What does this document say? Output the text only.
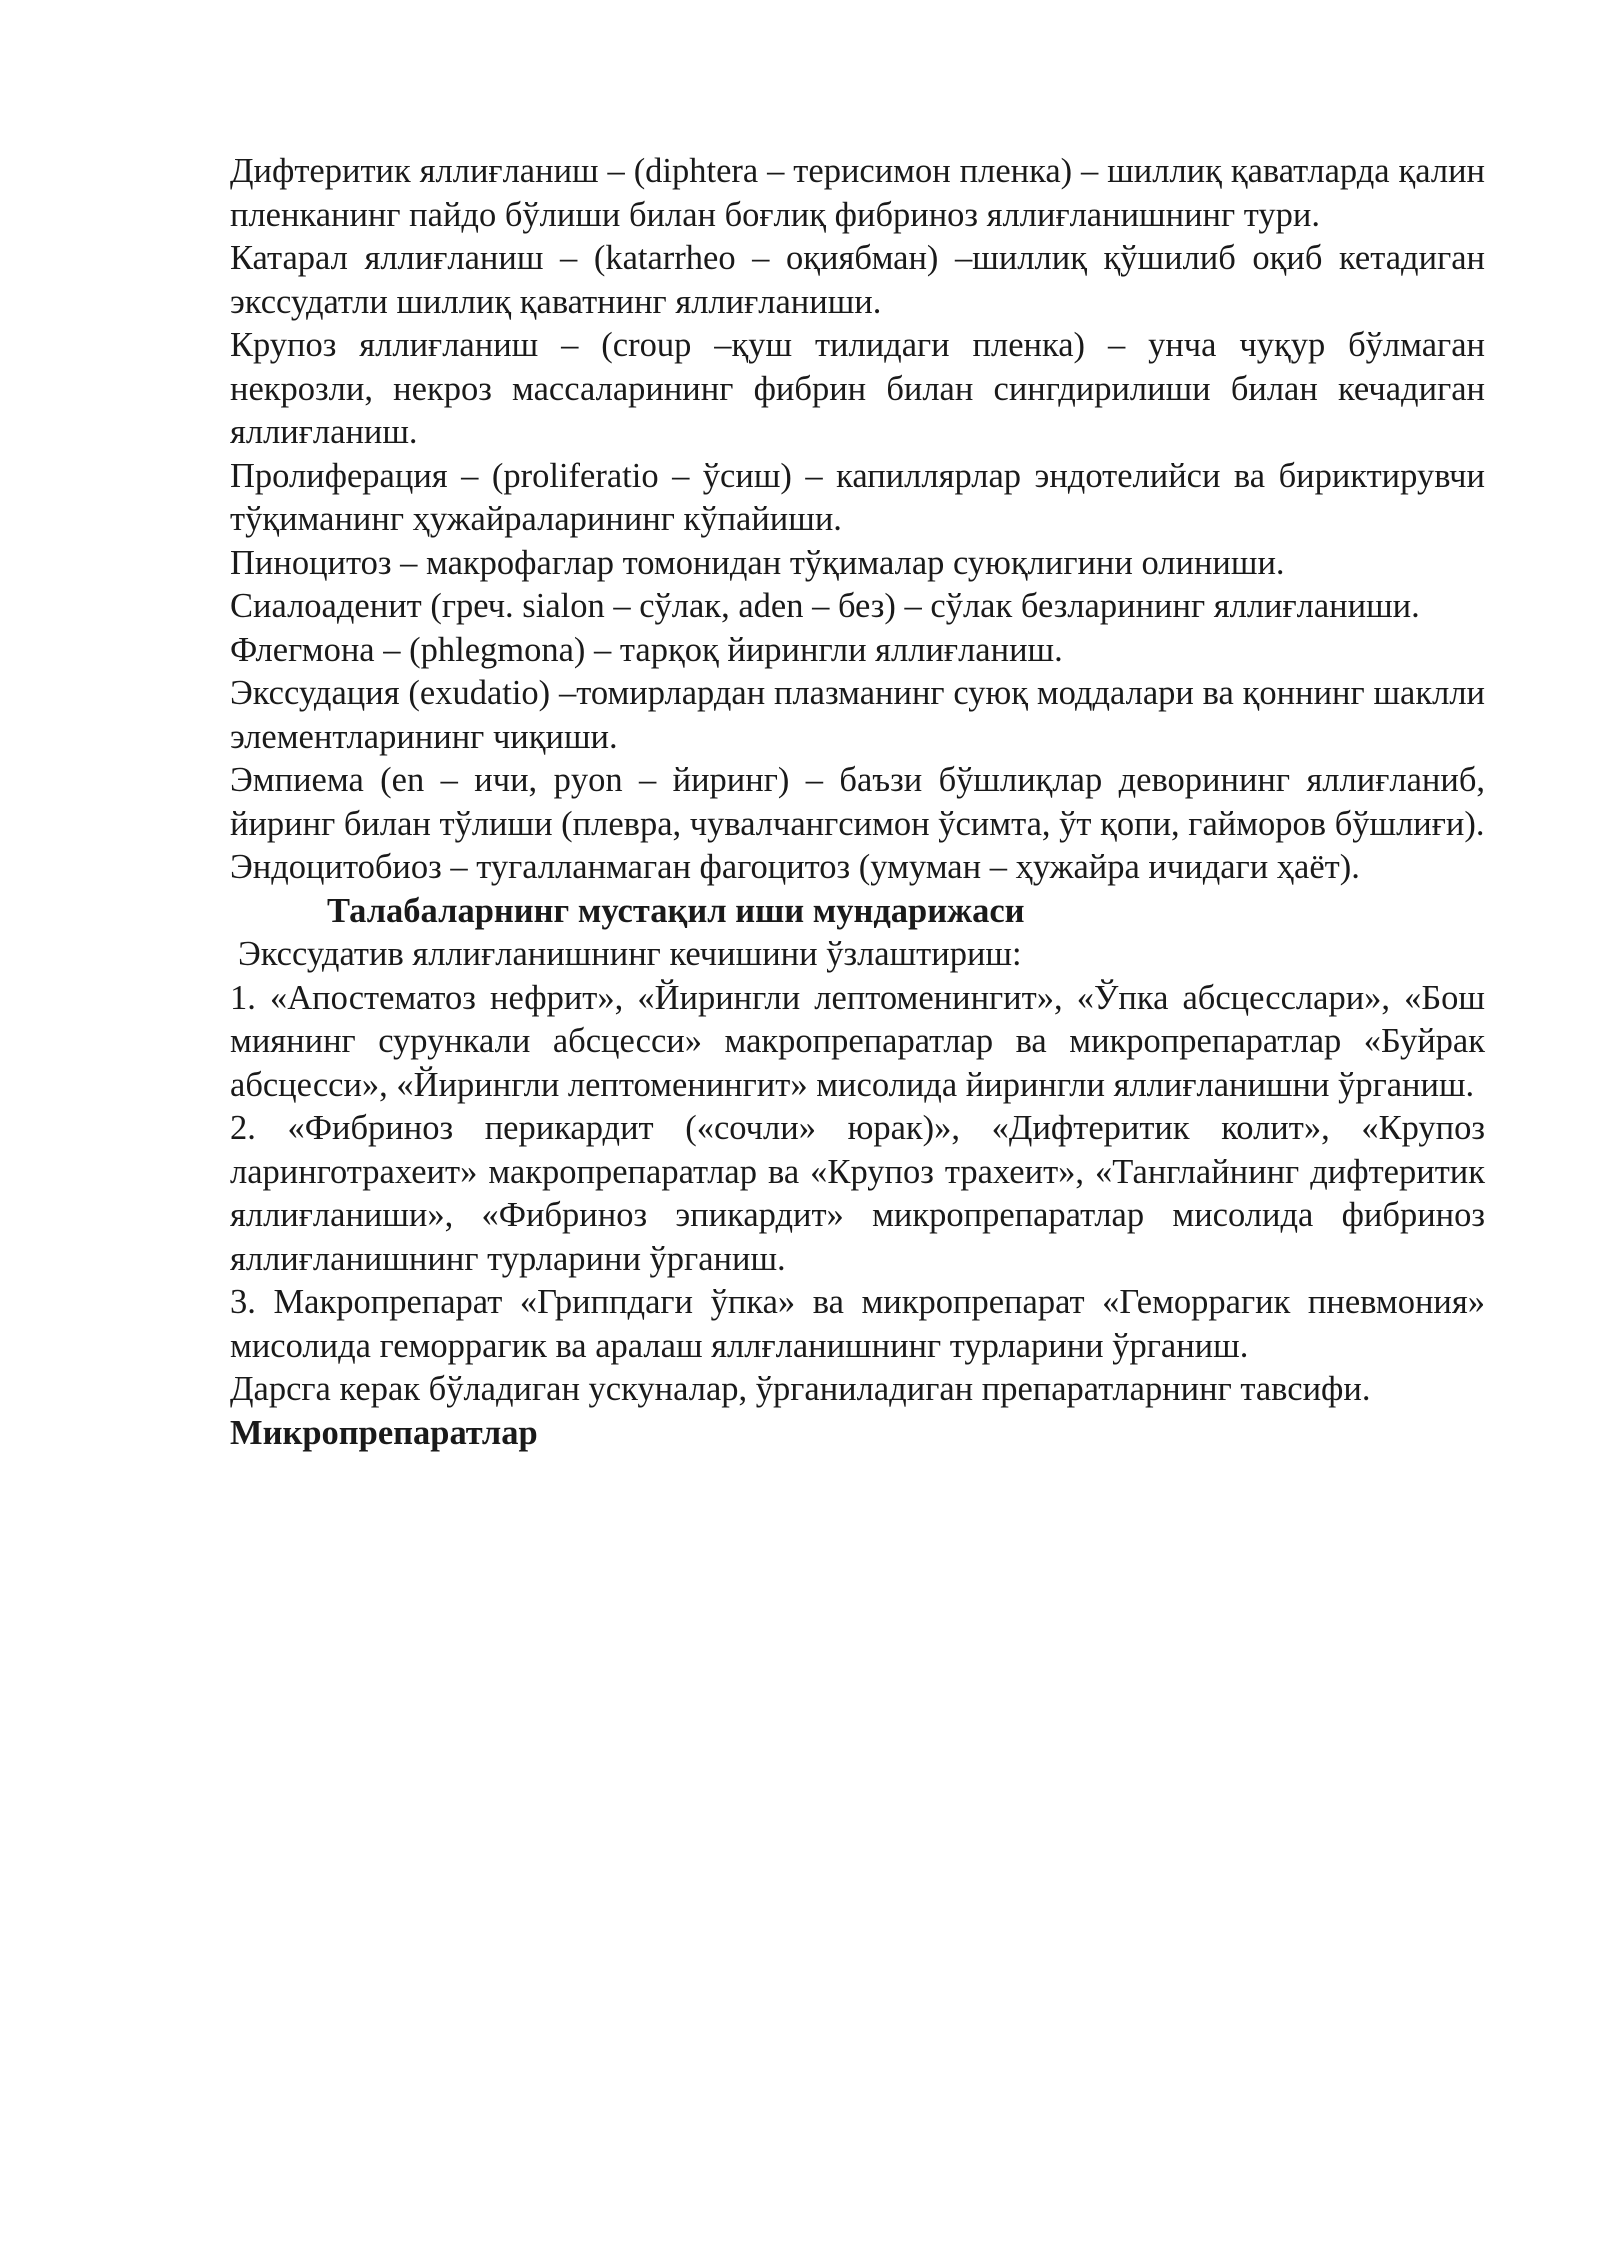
Дифтеритик яллиғланиш – (diphtera – терисимон пленка) – шиллиқ қаватларда қалин пленканинг пайдо бўлиши билан боғлиқ фибриноз яллиғланишнинг тури.

Катарал яллиғланиш – (katarrheo – оқиябман) –шиллиқ қўшилиб оқиб кетадиган экссудатли шиллиқ қаватнинг яллиғланиши.

Крупоз яллиғланиш – (croup –қуш тилидаги пленка) – унча чуқур бўлмаган некрозли, некроз массаларининг фибрин билан сингдирилиши билан кечадиган яллиғланиш.

Пролиферация – (proliferatio – ўсиш) – капиллярлар эндотелийси ва бириктирувчи тўқиманинг ҳужайраларининг кўпайиши.

Пиноцитоз – макрофаглар томонидан тўқималар суюқлигини олиниши.

Сиалоаденит (греч. sialon – сўлак, aden – без) – сўлак безларининг яллиғланиши.

Флегмона – (phlegmona) – тарқоқ йирингли яллиғланиш.

Экссудация (exudatio) –томирлардан плазманинг суюқ моддалари ва қоннинг шаклли элементларининг чиқиши.

Эмпиема (en – ичи, pyon – йиринг) – баъзи бўшлиқлар деворининг яллиғланиб, йиринг билан тўлиши (плевра, чувалчангсимон ўсимта, ўт қопи, гайморов бўшлиғи).

Эндоцитобиоз – тугалланмаган фагоцитоз (умуман – ҳужайра ичидаги ҳаёт).

Талабаларнинг мустақил иши мундарижаси

Экссудатив яллиғланишнинг кечишини ўзлаштириш:

1. «Апостематоз нефрит», «Йирингли лептоменингит», «Ўпка абсцесслари», «Бош миянинг сурункали абсцесси» макропрепаратлар ва микропрепаратлар «Буйрак абсцесси», «Йирингли лептоменингит» мисолида йирингли яллиғланишни ўрганиш.

2. «Фибриноз перикардит («сочли» юрак)», «Дифтеритик колит», «Крупоз ларинготрахеит» макропрепаратлар ва «Крупоз трахеит», «Танглайнинг дифтеритик яллиғланиши», «Фибриноз эпикардит» микропрепаратлар мисолида фибриноз яллиғланишнинг турларини ўрганиш.

3. Макропрепарат «Гриппдаги ўпка» ва микропрепарат «Геморрагик пневмония» мисолида геморрагик ва аралаш яллғланишнинг турларини ўрганиш.

Дарсга керак бўладиган ускуналар, ўрганиладиган препаратларнинг тавсифи.

Микропрепаратлар
